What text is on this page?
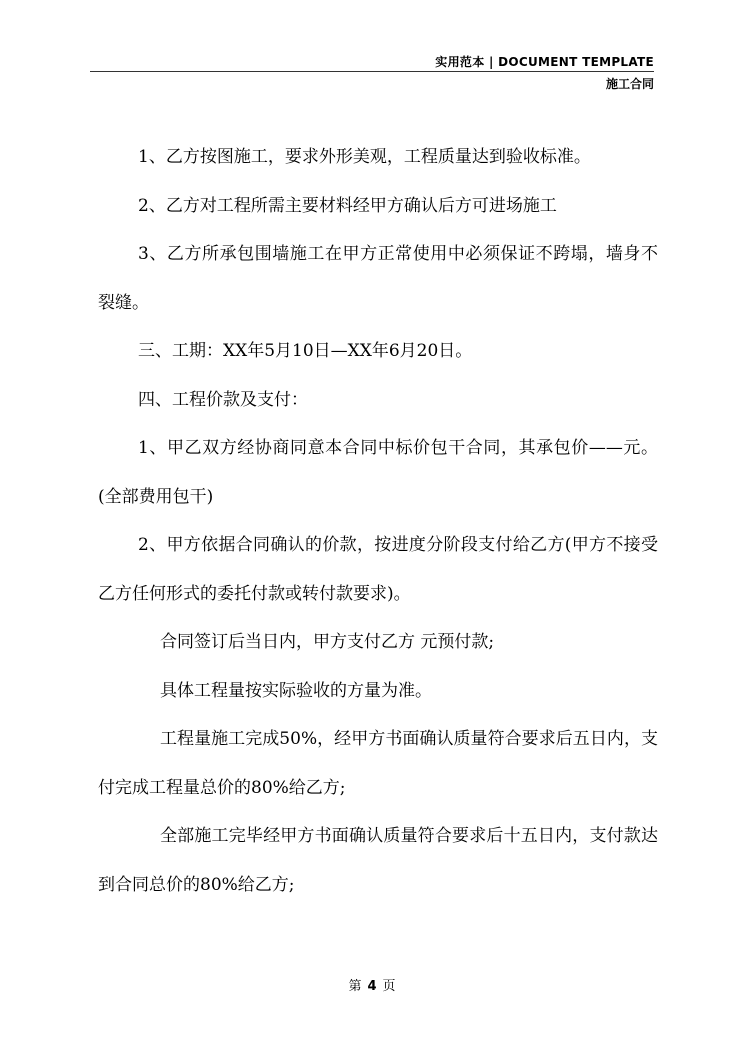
实用范本 | DOCUMENT TEMPLATE
施工合同

1、乙方按图施工，要求外形美观，工程质量达到验收标准。

2、乙方对工程所需主要材料经甲方确认后方可进场施工

3、乙方所承包围墙施工在甲方正常使用中必须保证不跨塌，墙身不裂缝。

三、工期：XX年5月10日—XX年6月20日。

四、工程价款及支付：

1、甲乙双方经协商同意本合同中标价包干合同，其承包价——元。(全部费用包干)

2、甲方依据合同确认的价款，按进度分阶段支付给乙方(甲方不接受乙方任何形式的委托付款或转付款要求)。

合同签订后当日内，甲方支付乙方 元预付款;

具体工程量按实际验收的方量为准。

工程量施工完成50%，经甲方书面确认质量符合要求后五日内，支付完成工程量总价的80%给乙方;

全部施工完毕经甲方书面确认质量符合要求后十五日内，支付款达到合同总价的80%给乙方;

第 4 页
